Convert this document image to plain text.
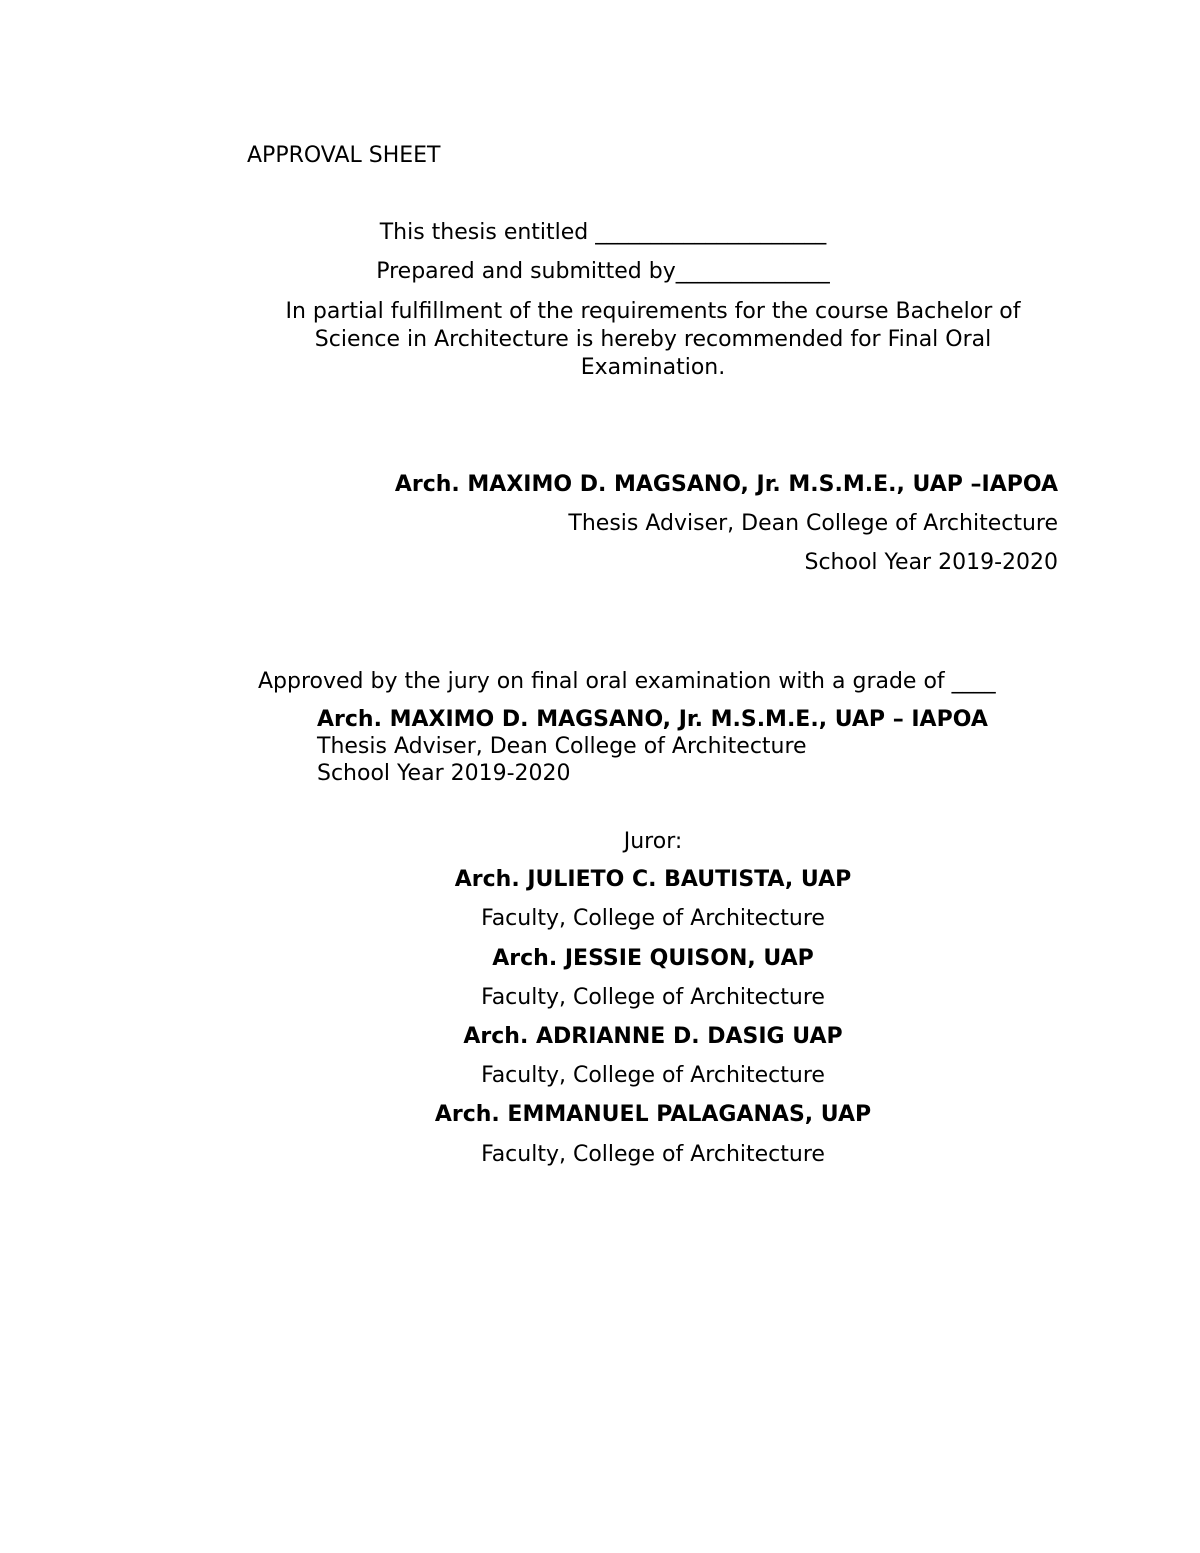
APPROVAL SHEET
This thesis entitled _____________________
Prepared and submitted by______________
In partial fulfillment of the requirements for the course Bachelor of Science in Architecture is hereby recommended for Final Oral Examination.
Arch. MAXIMO D. MAGSANO, Jr. M.S.M.E., UAP –IAPOA
Thesis Adviser, Dean College of Architecture
School Year 2019-2020
Approved by the jury on final oral examination with a grade of ____
Arch. MAXIMO D. MAGSANO, Jr. M.S.M.E., UAP – IAPOA
Thesis Adviser, Dean College of Architecture
School Year 2019-2020
Juror:
Arch. JULIETO C. BAUTISTA, UAP
Faculty, College of Architecture
Arch. JESSIE QUISON, UAP
Faculty, College of Architecture
Arch. ADRIANNE D. DASIG UAP
Faculty, College of Architecture
Arch. EMMANUEL PALAGANAS, UAP
Faculty, College of Architecture
